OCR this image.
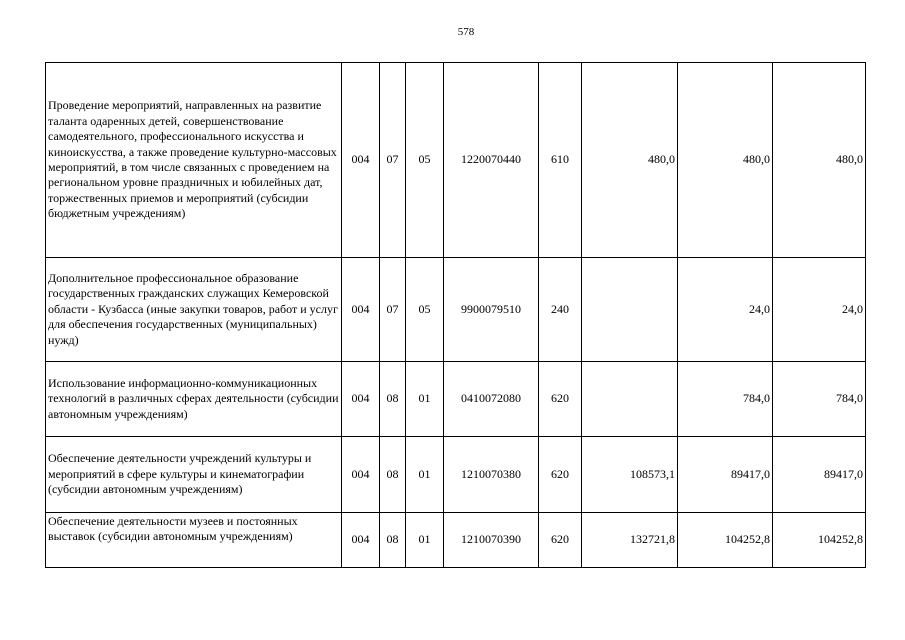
578
Проведение мероприятий, направленных на развитие таланта одаренных детей, совершенствование самодеятельного, профессионального искусства и киноискусства, а также проведение культурно-массовых мероприятий, в том числе связанных с проведением на региональном уровне праздничных и юбилейных дат, торжественных приемов и мероприятий (субсидии бюджетным учреждениям)	004	07	05	1220070440	610	480,0	480,0	480,0
Дополнительное профессиональное образование государственных гражданских служащих Кемеровской области - Кузбасса (иные закупки товаров, работ и услуг для обеспечения государственных (муниципальных) нужд)	004	07	05	9900079510	240		24,0	24,0
Использование информационно-коммуникационных технологий в различных сферах деятельности (субсидии автономным учреждениям)	004	08	01	0410072080	620		784,0	784,0
Обеспечение деятельности учреждений культуры и мероприятий в сфере культуры и кинематографии (субсидии автономным учреждениям)	004	08	01	1210070380	620	108573,1	89417,0	89417,0
Обеспечение деятельности музеев и постоянных выставок (субсидии автономным учреждениям)	004	08	01	1210070390	620	132721,8	104252,8	104252,8
